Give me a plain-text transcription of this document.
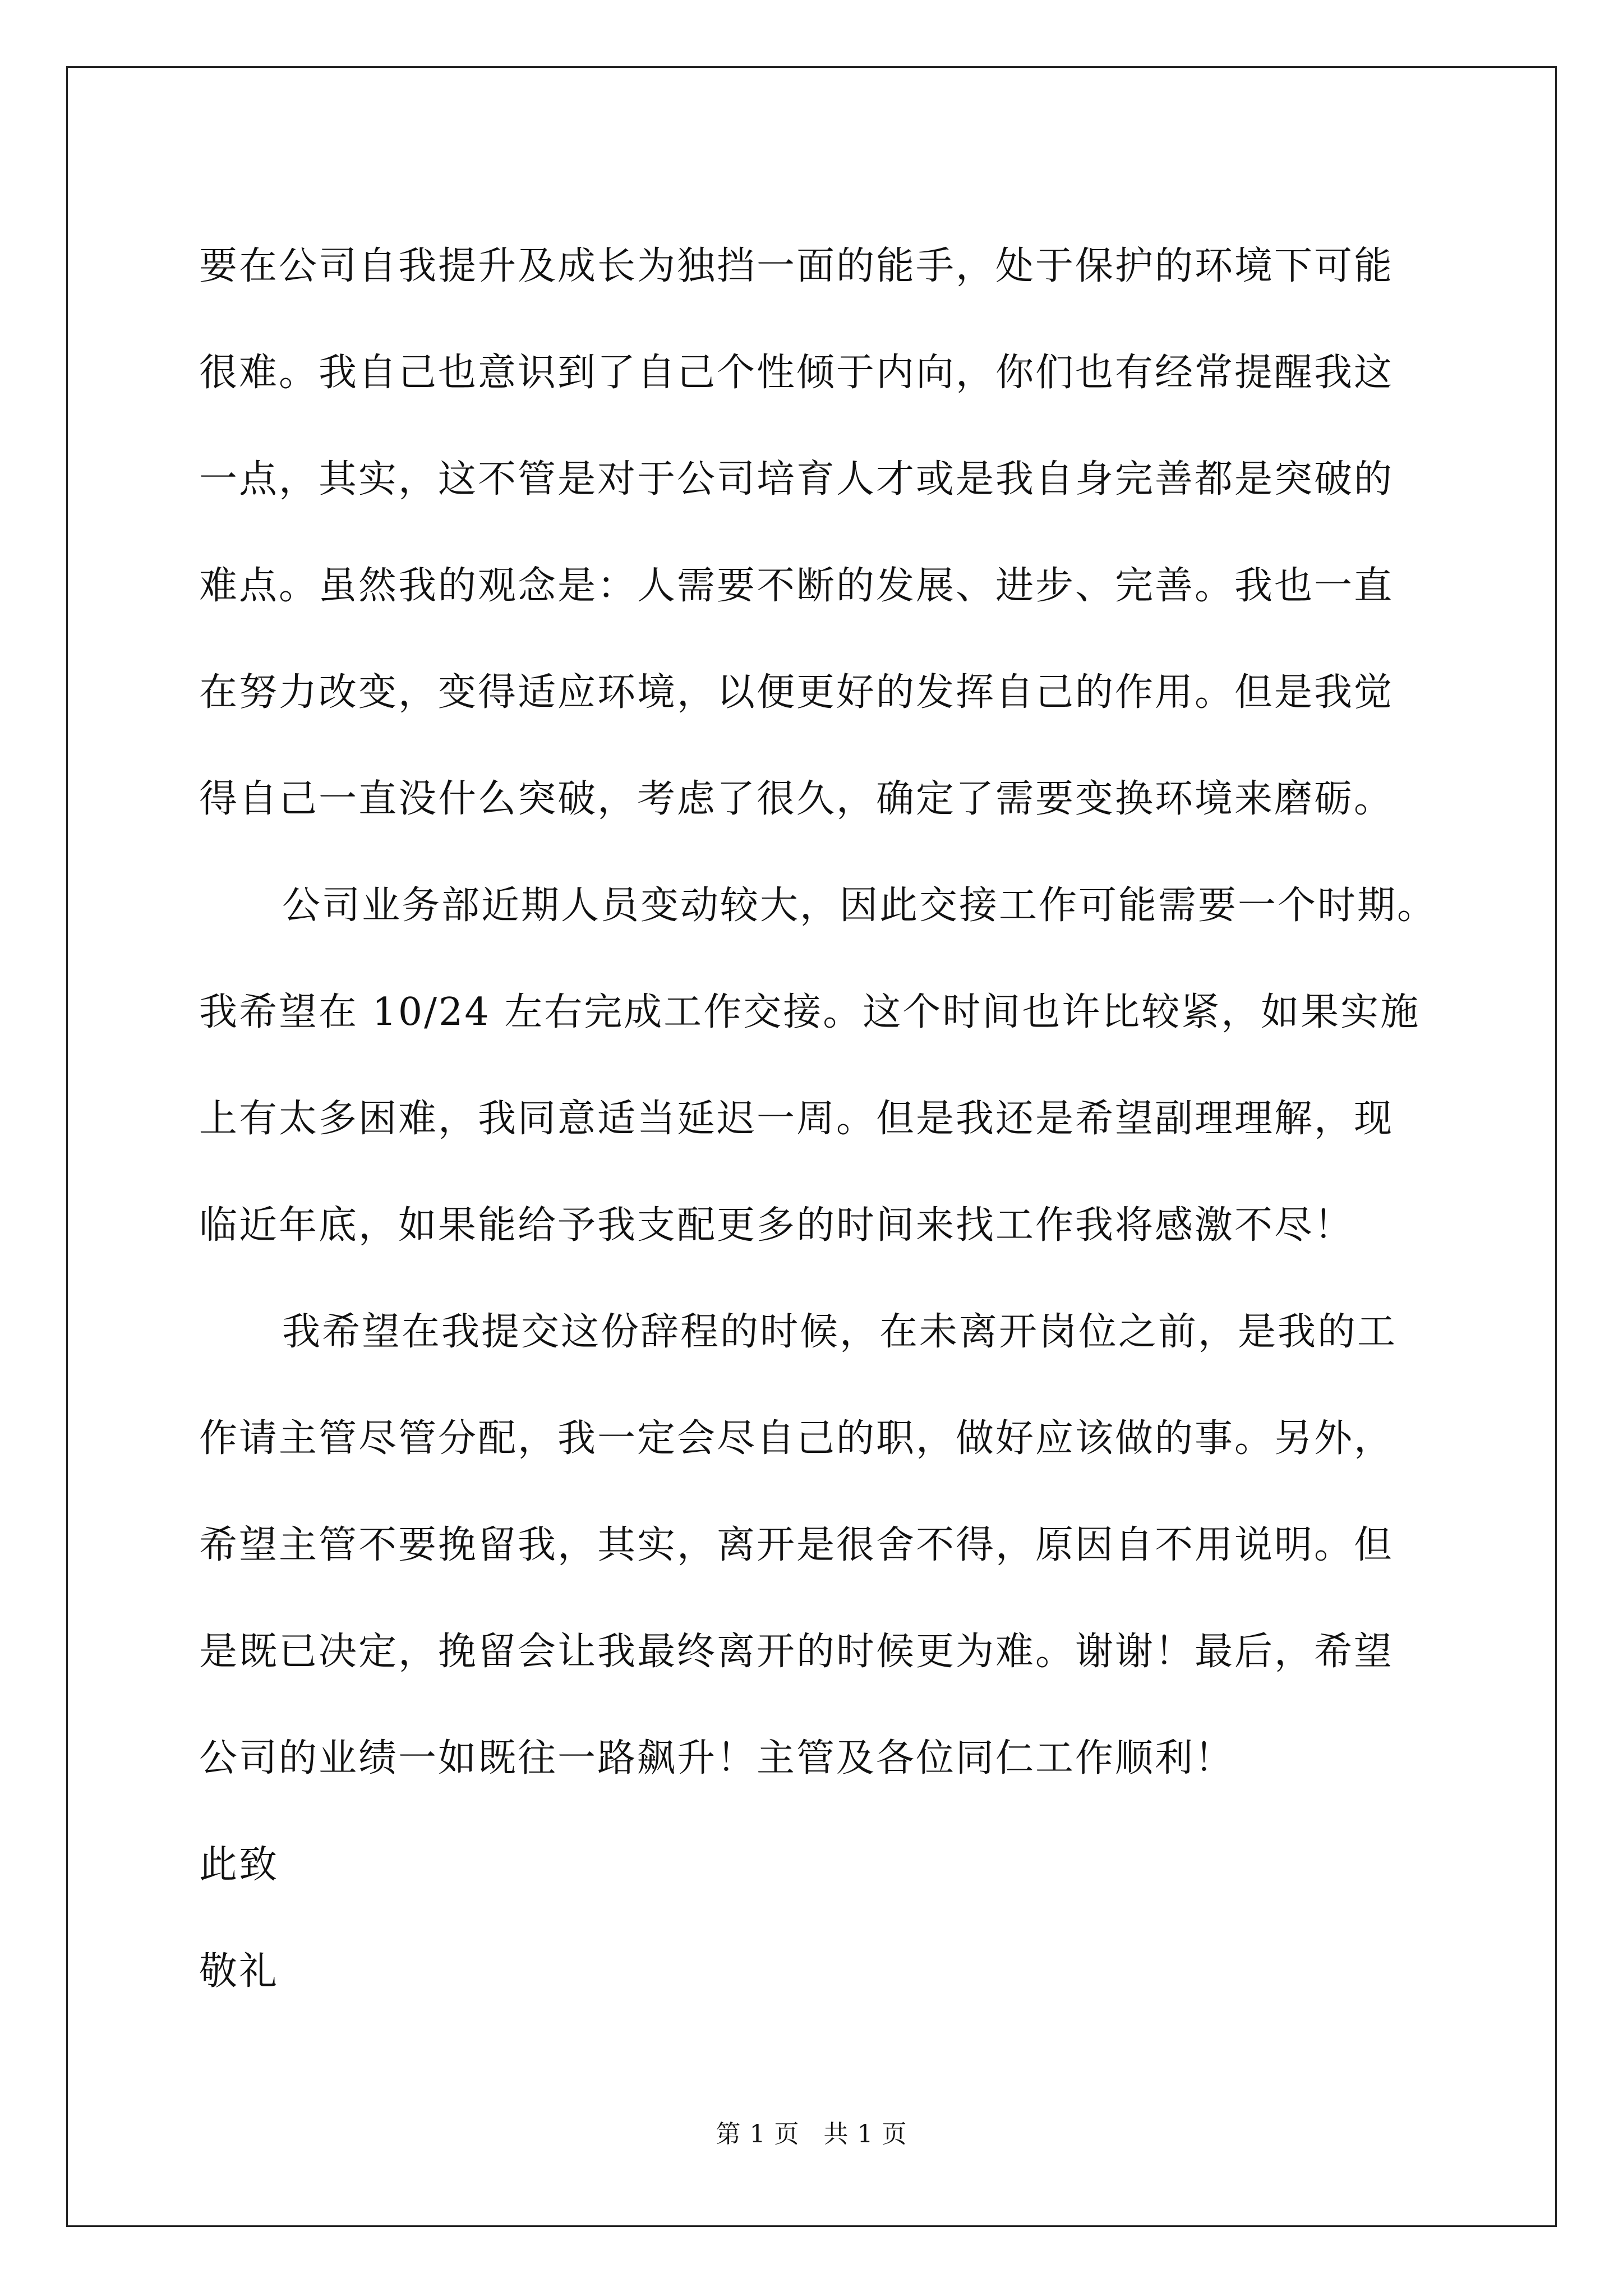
要在公司自我提升及成长为独挡一面的能手，处于保护的环境下可能
很难。我自己也意识到了自己个性倾于内向，你们也有经常提醒我这
一点，其实，这不管是对于公司培育人才或是我自身完善都是突破的
难点。虽然我的观念是：人需要不断的发展、进步、完善。我也一直
在努力改变，变得适应环境，以便更好的发挥自己的作用。但是我觉
得自己一直没什么突破，考虑了很久，确定了需要变换环境来磨砺。
公司业务部近期人员变动较大，因此交接工作可能需要一个时期。
我希望在 10/24 左右完成工作交接。这个时间也许比较紧，如果实施
上有太多困难，我同意适当延迟一周。但是我还是希望副理理解，现
临近年底，如果能给予我支配更多的时间来找工作我将感激不尽！
我希望在我提交这份辞程的时候，在未离开岗位之前，是我的工
作请主管尽管分配，我一定会尽自己的职，做好应该做的事。另外，
希望主管不要挽留我，其实，离开是很舍不得，原因自不用说明。但
是既已决定，挽留会让我最终离开的时候更为难。谢谢！最后，希望
公司的业绩一如既往一路飙升！主管及各位同仁工作顺利！
此致
敬礼
第 1 页 共 1 页
